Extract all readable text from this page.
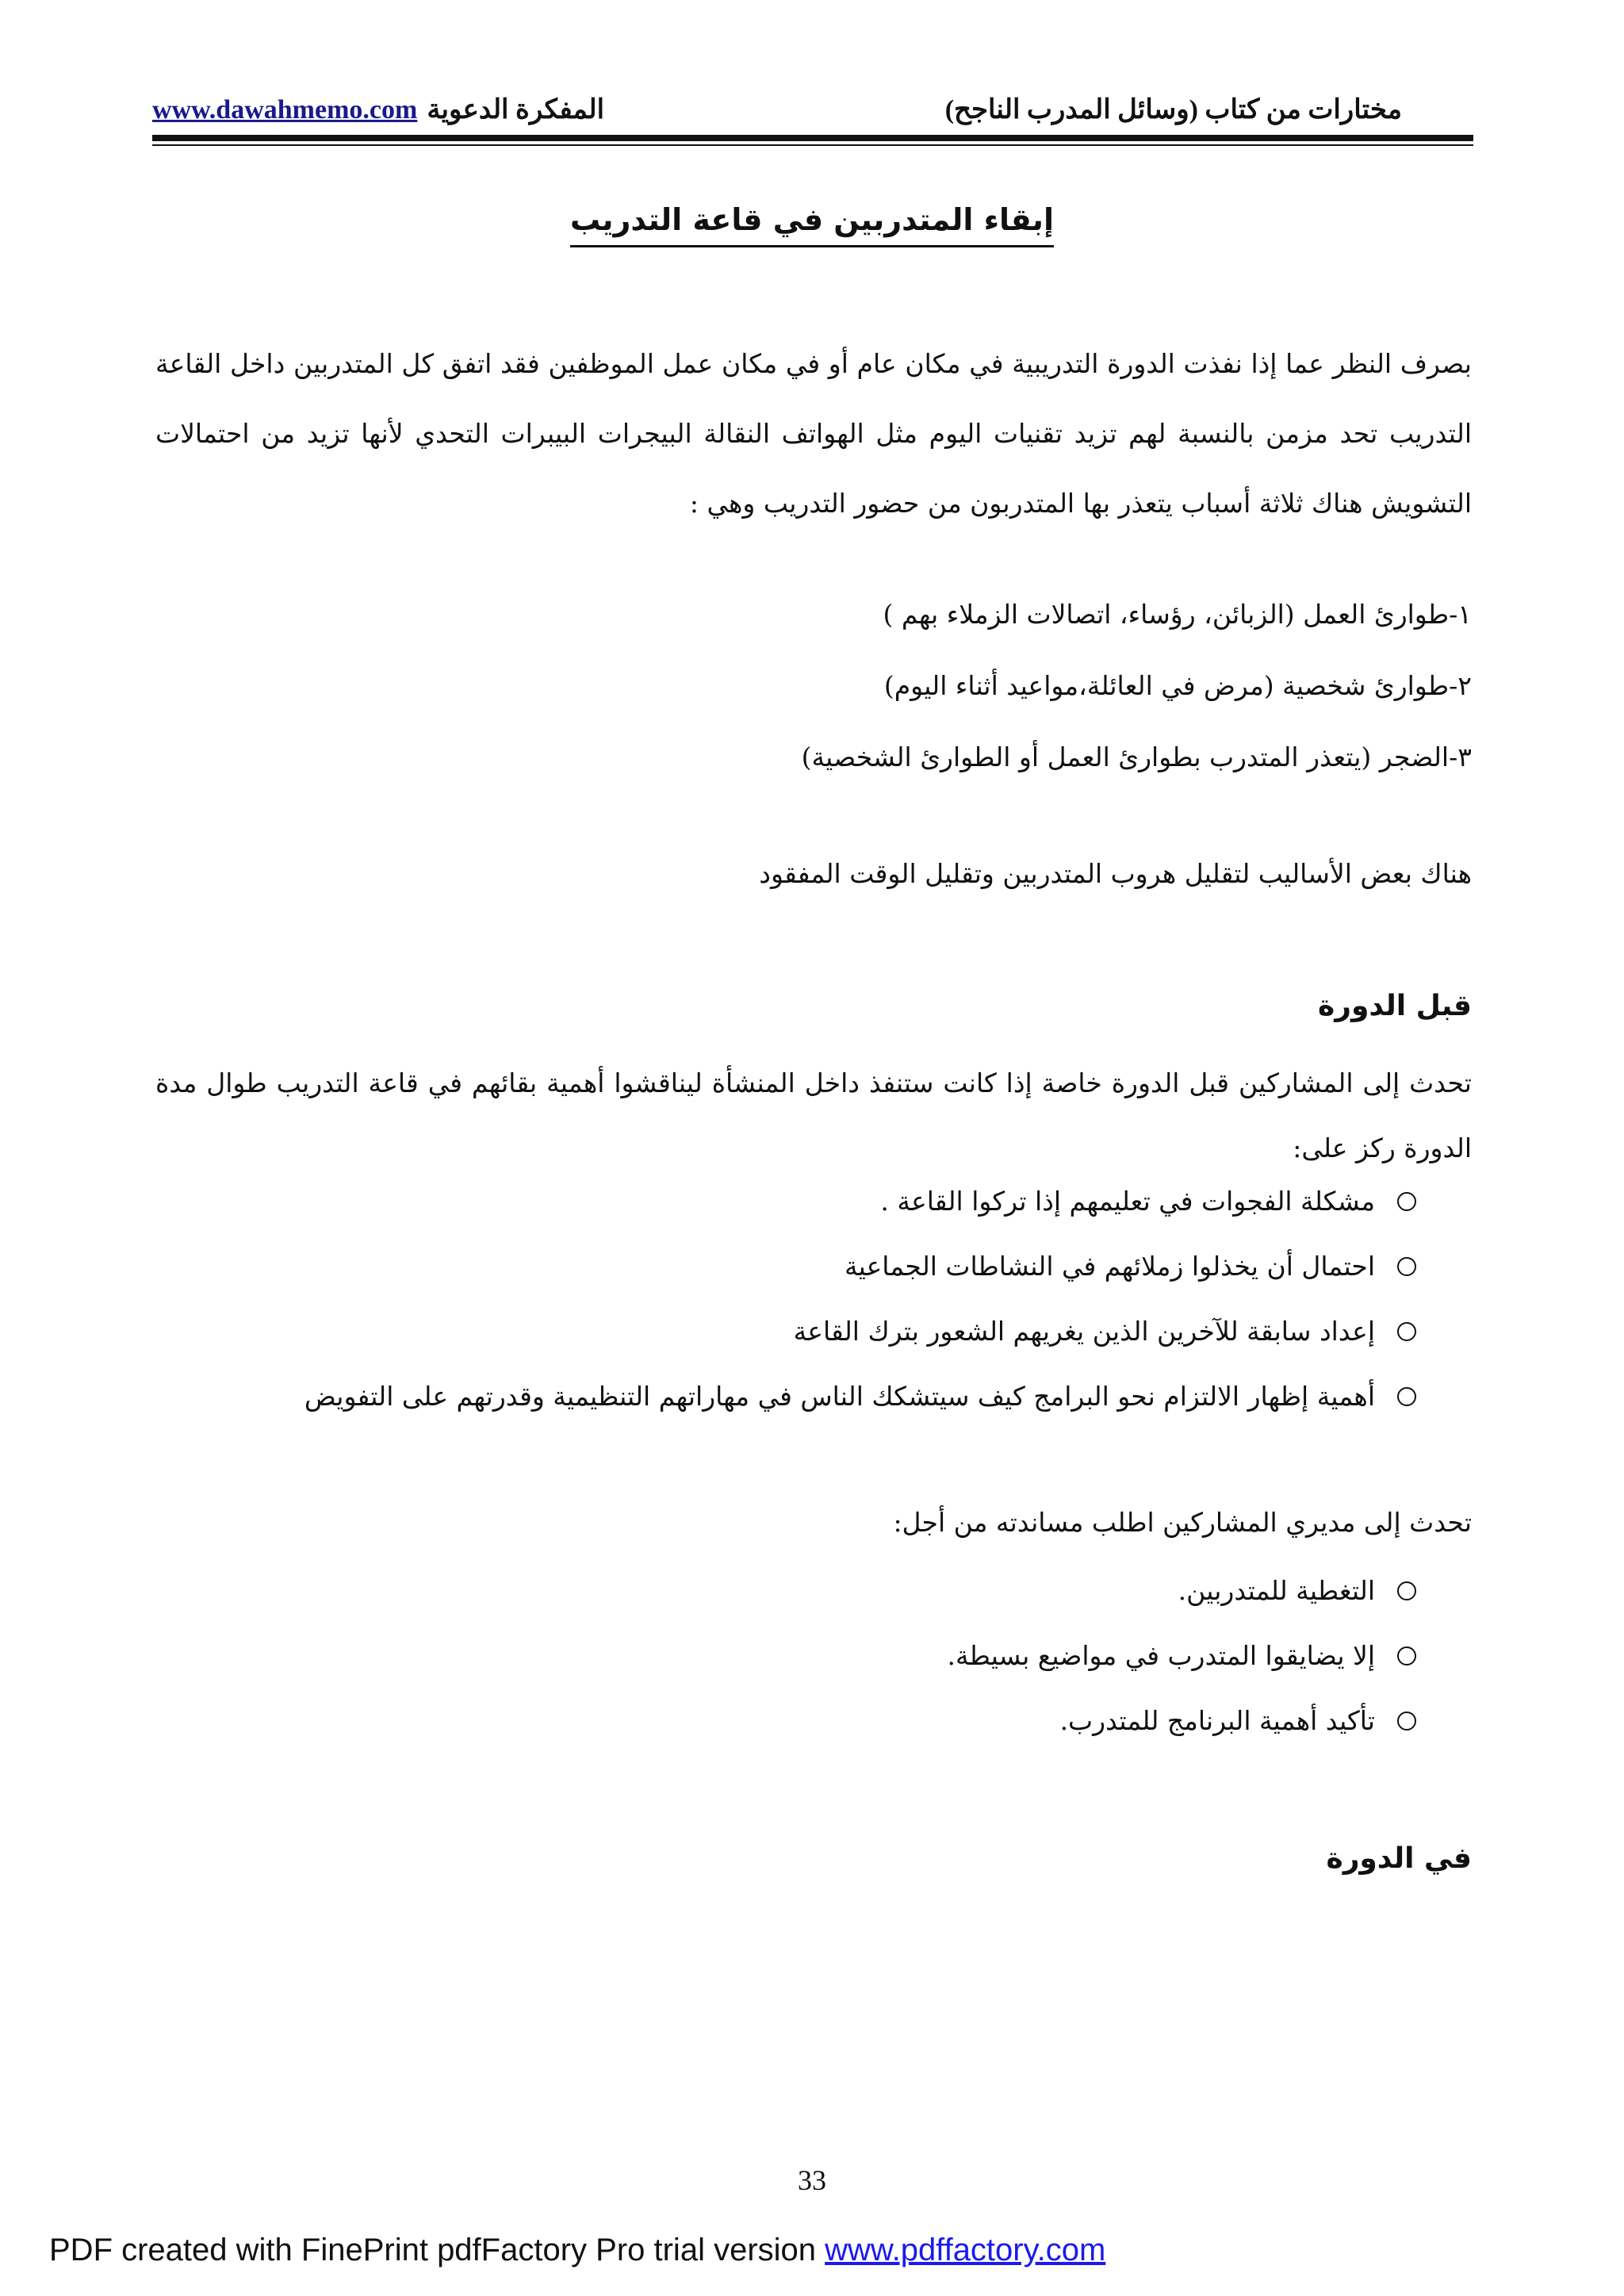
www.dawahmemo.com المفكرة الدعوية	مختارات من كتاب (وسائل المدرب الناجح)
إبقاء المتدربين في قاعة التدريب
بصرف النظر عما إذا نفذت الدورة التدريبية في مكان عام أو في مكان عمل الموظفين فقد اتفق كل المتدربين داخل القاعة التدريب تحد مزمن بالنسبة لهم تزيد تقنيات اليوم مثل الهواتف النقالة البيجرات البيبرات التحدي لأنها تزيد من احتمالات التشويش هناك ثلاثة أسباب يتعذر بها المتدربون من حضور التدريب وهي :
١-طوارئ العمل (الزبائن، رؤساء، اتصالات الزملاء بهم )
٢-طوارئ شخصية (مرض في العائلة،مواعيد أثناء اليوم)
٣-الضجر (يتعذر المتدرب بطوارئ العمل أو الطوارئ الشخصية)
هناك بعض الأساليب لتقليل هروب المتدربين وتقليل الوقت المفقود
قبل الدورة
تحدث إلى المشاركين قبل الدورة خاصة إذا كانت ستنفذ داخل المنشأة ليناقشوا أهمية بقائهم في قاعة التدريب طوال مدة الدورة ركز على:
مشكلة الفجوات في تعليمهم إذا تركوا القاعة .
احتمال أن يخذلوا زملائهم في النشاطات الجماعية
إعداد سابقة للآخرين الذين يغريهم الشعور بترك القاعة
أهمية إظهار الالتزام نحو البرامج كيف سيتشكك الناس في مهاراتهم التنظيمية وقدرتهم على التفويض
تحدث إلى مديري المشاركين اطلب مساندته من أجل:
التغطية للمتدربين.
إلا يضايقوا المتدرب في مواضيع بسيطة.
تأكيد أهمية البرنامج للمتدرب.
في الدورة
33
PDF created with FinePrint pdfFactory Pro trial version www.pdffactory.com
